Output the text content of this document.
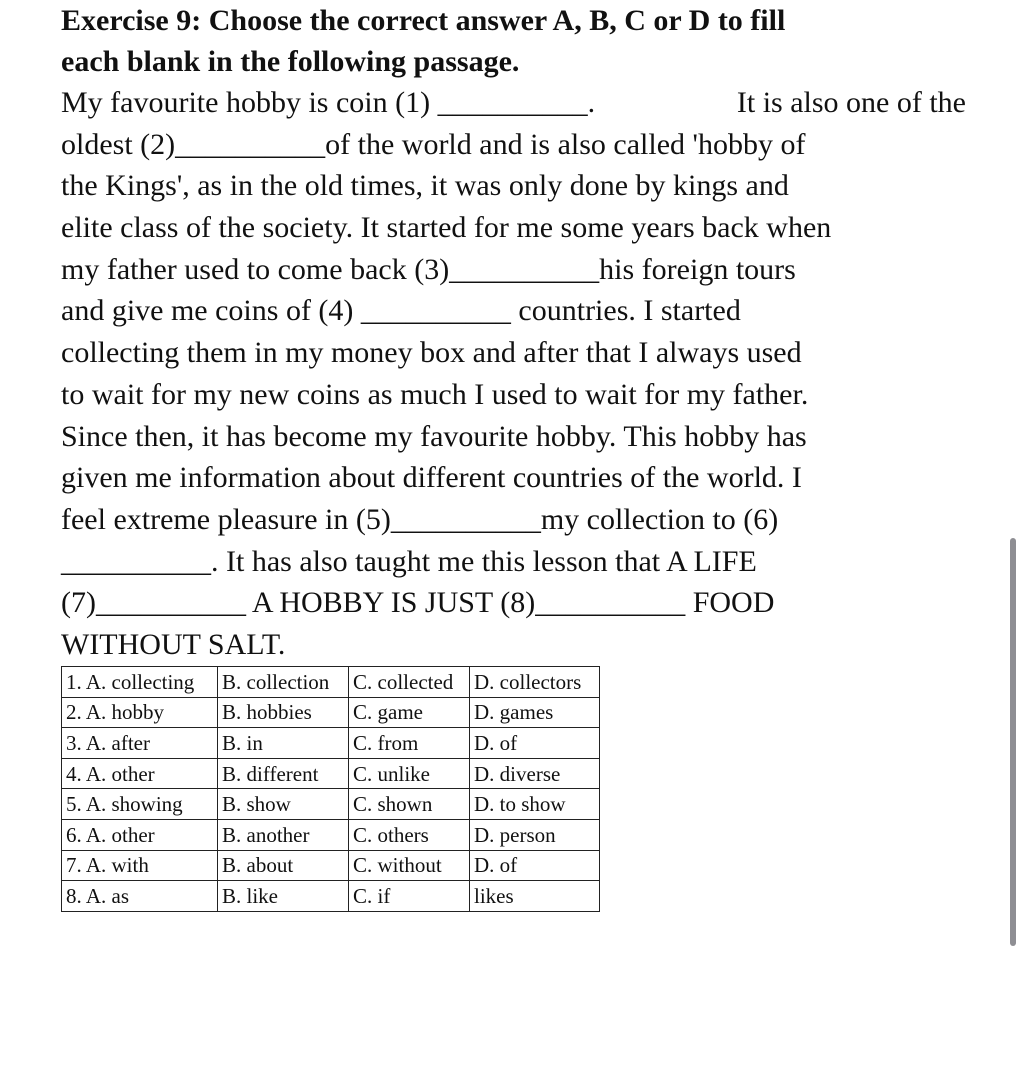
Exercise 9: Choose the correct answer A, B, C or D to fill
each blank in the following passage.
My favourite hobby is coin (1) __________.	It is also one of the
oldest (2)__________of the world and is also called 'hobby of
the Kings', as in the old times, it was only done by kings and
elite class of the society. It started for me some years back when
my father used to come back (3)__________his foreign tours
and give me coins of (4) __________ countries. I started
collecting them in my money box and after that I always used
to wait for my new coins as much I used to wait for my father.
Since then, it has become my favourite hobby. This hobby has
given me information about different countries of the world. I
feel extreme pleasure in (5)__________my collection to (6)
__________. It has also taught me this lesson that A LIFE
(7)__________ A HOBBY IS JUST (8)__________ FOOD
WITHOUT SALT.
1. A. collecting	B. collection	C. collected	D. collectors
2. A. hobby	B. hobbies	C. game	D. games
3. A. after	B. in	C. from	D. of
4. A. other	B. different	C. unlike	D. diverse
5. A. showing	B. show	C. shown	D. to show
6. A. other	B. another	C. others	D. person
7. A. with	B. about	C. without	D. of
8. A. as	B. like	C. if	likes
